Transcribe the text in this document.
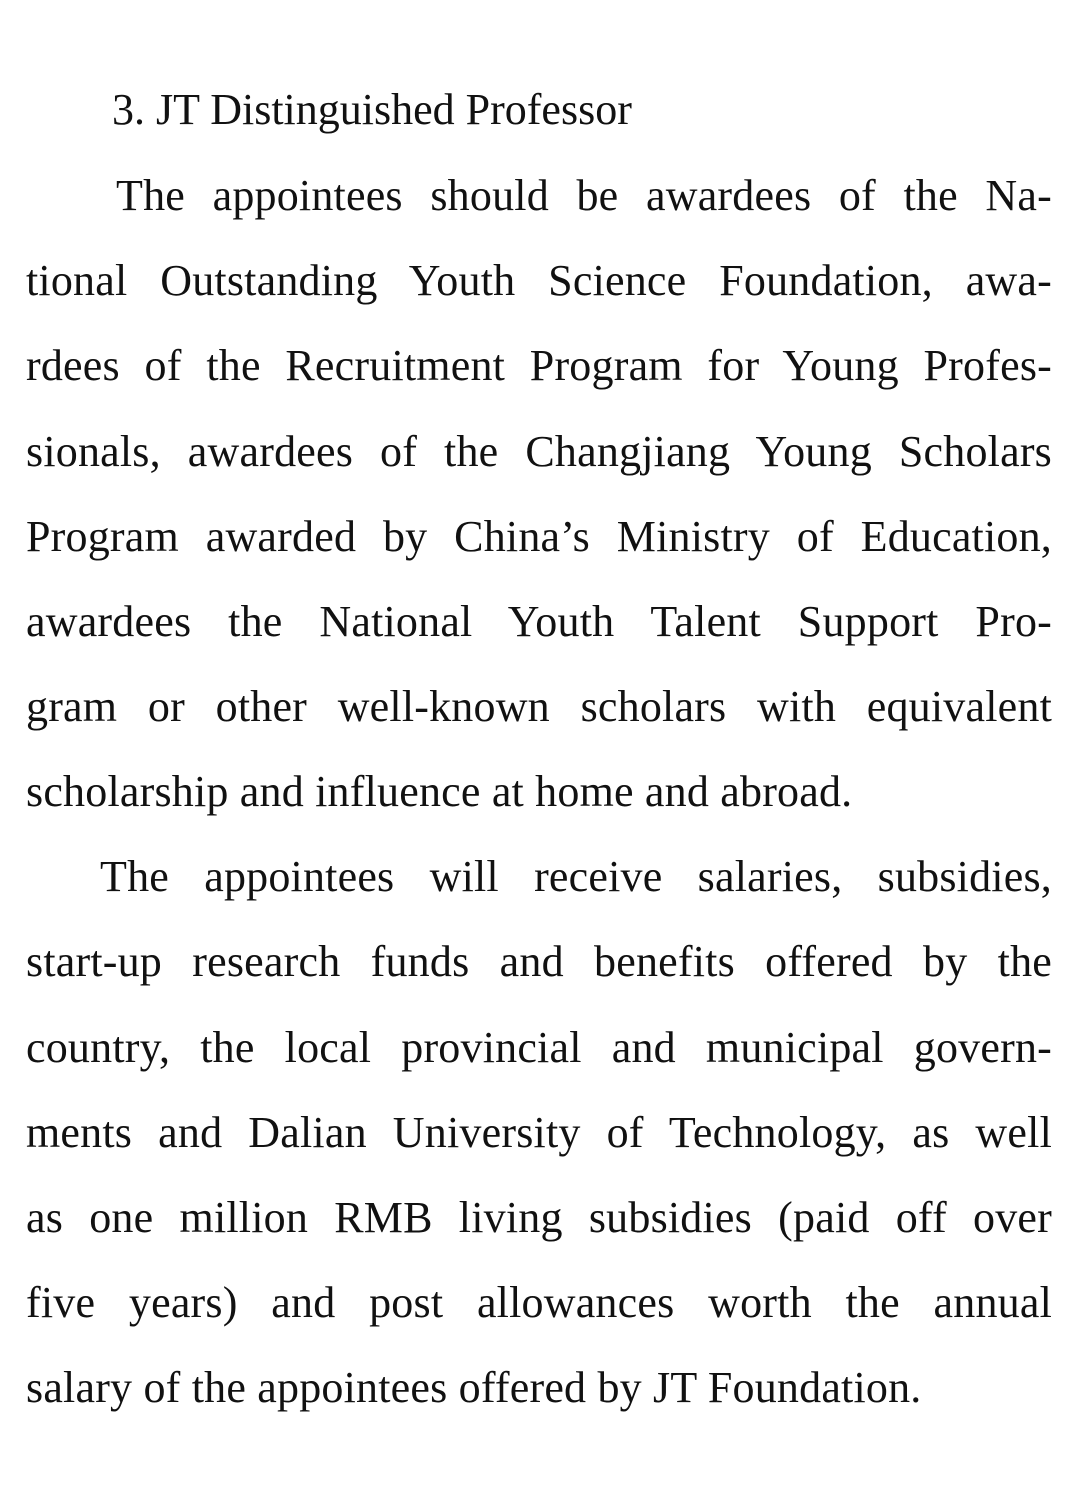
3. JT Distinguished Professor
The appointees should be awardees of the Na-
tional Outstanding Youth Science Foundation, awa-
rdees of the Recruitment Program for Young Profes-
sionals, awardees of the Changjiang Young Scholars
Program awarded by China’s Ministry of Education,
awardees the National Youth Talent Support Pro-
gram or other well-known scholars with equivalent
scholarship and influence at home and abroad.
The appointees will receive salaries, subsidies,
start-up research funds and benefits offered by the
country, the local provincial and municipal govern-
ments and Dalian University of Technology, as well
as one million RMB living subsidies (paid off over
five years) and post allowances worth the annual
salary of the appointees offered by JT Foundation.
